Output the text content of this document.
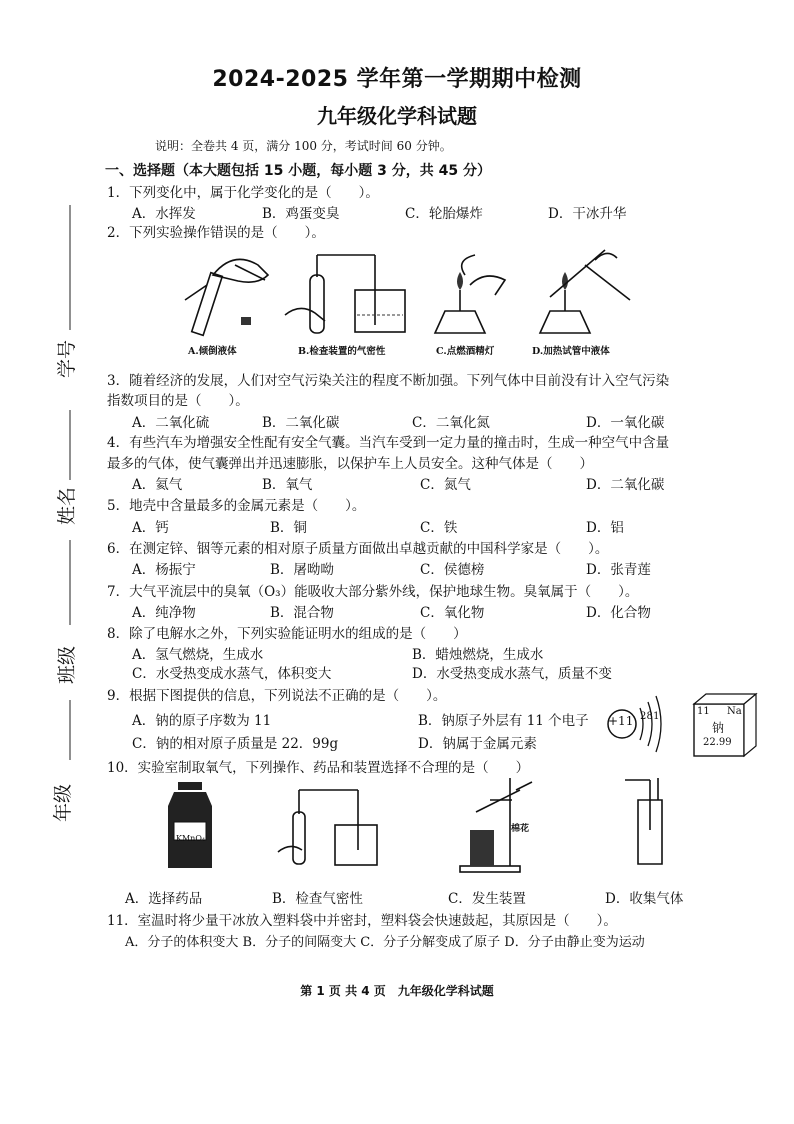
2024-2025 学年第一学期期中检测
九年级化学科试题
说明：全卷共 4 页，满分 100 分，考试时间 60 分钟。
一、选择题（本大题包括 15 小题，每小题 3 分，共 45 分）
学号
姓名
班级
年级
1．下列变化中，属于化学变化的是（　　）。
A．水挥发	B．鸡蛋变臭	C．轮胎爆炸	D．干冰升华
2．下列实验操作错误的是（　　）。
A.倾倒液体	B.检查装置的气密性	C.点燃酒精灯	D.加热试管中液体
3．随着经济的发展，人们对空气污染关注的程度不断加强。下列气体中目前没有计入空气污染
指数项目的是（　　）。
A．二氧化硫	B．二氧化碳	C．二氧化氮	D．一氧化碳
4．有些汽车为增强安全性配有安全气囊。当汽车受到一定力量的撞击时，生成一种空气中含量
最多的气体，使气囊弹出并迅速膨胀，以保护车上人员安全。这种气体是（　　）
A．氦气	B．氧气	C．氮气	D．二氧化碳
5．地壳中含量最多的金属元素是（　　）。
A．钙	B．铜	C．铁	D．铝
6．在测定锌、铟等元素的相对原子质量方面做出卓越贡献的中国科学家是（　　）。
A．杨振宁	B．屠呦呦	C．侯德榜	D．张青莲
7．大气平流层中的臭氧（O₃）能吸收大部分紫外线，保护地球生物。臭氧属于（　　）。
A．纯净物	B．混合物	C．氧化物	D．化合物
8．除了电解水之外，下列实验能证明水的组成的是（　　）
A．氢气燃烧，生成水	B．蜡烛燃烧，生成水
C．水受热变成水蒸气，体积变大	D．水受热变成水蒸气，质量不变
9．根据下图提供的信息，下列说法不正确的是（　　）。
A．钠的原子序数为 11	B．钠原子外层有 11 个电子
C．钠的相对原子质量是 22．99g	D．钠属于金属元素
+11 2 8 1	11 Na
钠
22.99
10．实验室制取氧气，下列操作、药品和装置选择不合理的是（　　）
KMnO₄
棉花
A．选择药品	B．检查气密性	C．发生装置	D．收集气体
11．室温时将少量干冰放入塑料袋中并密封，塑料袋会快速鼓起，其原因是（　　）。
A．分子的体积变大 B．分子的间隔变大 C．分子分解变成了原子 D．分子由静止变为运动
第 1 页 共 4 页　九年级化学科试题
